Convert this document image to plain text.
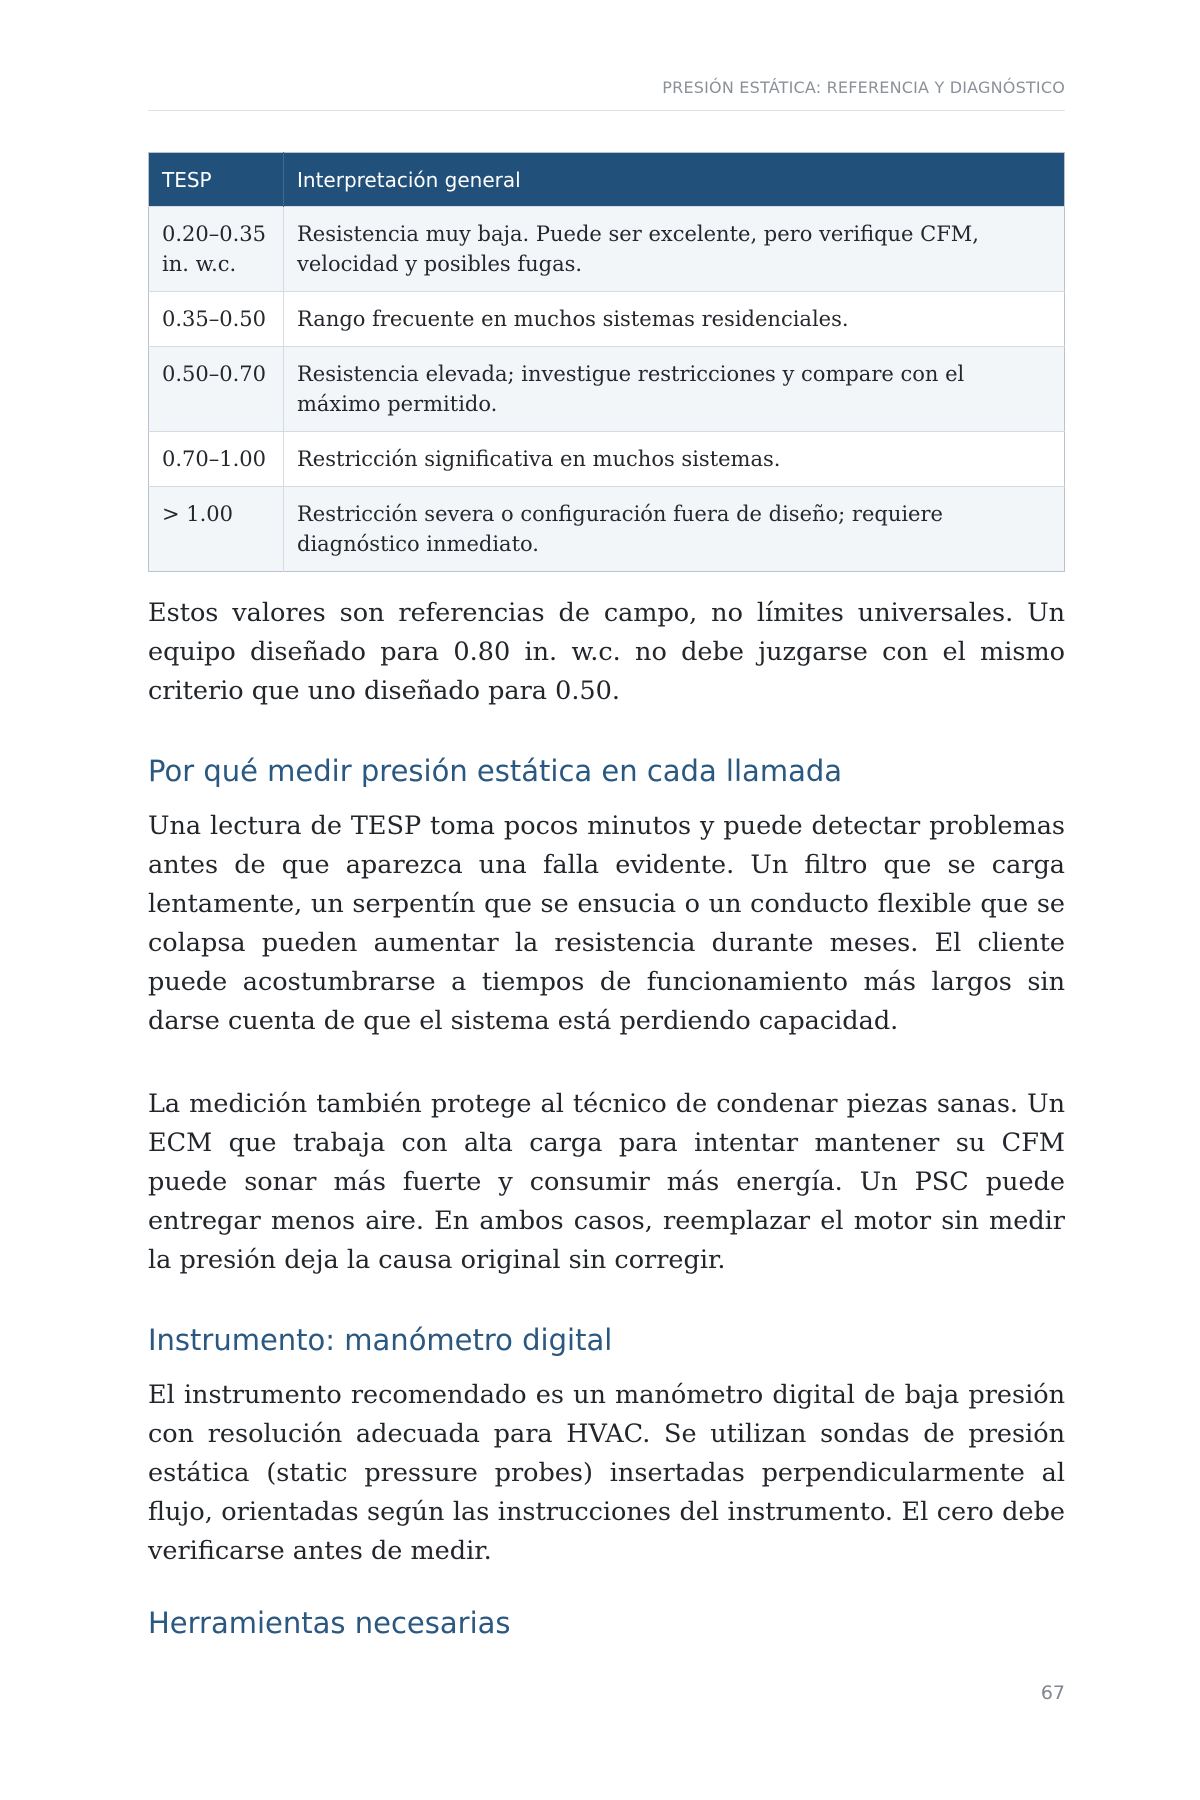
PRESIÓN ESTÁTICA: REFERENCIA Y DIAGNÓSTICO
TESP	Interpretación general
0.20–0.35 in. w.c.	Resistencia muy baja. Puede ser excelente, pero verifique CFM, velocidad y posibles fugas.
0.35–0.50	Rango frecuente en muchos sistemas residenciales.
0.50–0.70	Resistencia elevada; investigue restricciones y compare con el máximo permitido.
0.70–1.00	Restricción significativa en muchos sistemas.
> 1.00	Restricción severa o configuración fuera de diseño; requiere diagnóstico inmediato.

Estos valores son referencias de campo, no límites universales. Un equipo diseñado para 0.80 in. w.c. no debe juzgarse con el mismo criterio que uno diseñado para 0.50.

Por qué medir presión estática en cada llamada

Una lectura de TESP toma pocos minutos y puede detectar problemas antes de que aparezca una falla evidente. Un filtro que se carga lentamente, un serpentín que se ensucia o un conducto flexible que se colapsa pueden aumentar la resistencia durante meses. El cliente puede acostumbrarse a tiempos de funcionamiento más largos sin darse cuenta de que el sistema está perdiendo capacidad.

La medición también protege al técnico de condenar piezas sanas. Un ECM que trabaja con alta carga para intentar mantener su CFM puede sonar más fuerte y consumir más energía. Un PSC puede entregar menos aire. En ambos casos, reemplazar el motor sin medir la presión deja la causa original sin corregir.

Instrumento: manómetro digital

El instrumento recomendado es un manómetro digital de baja presión con resolución adecuada para HVAC. Se utilizan sondas de presión estática (static pressure probes) insertadas perpendicularmente al flujo, orientadas según las instrucciones del instrumento. El cero debe verificarse antes de medir.

Herramientas necesarias
67
